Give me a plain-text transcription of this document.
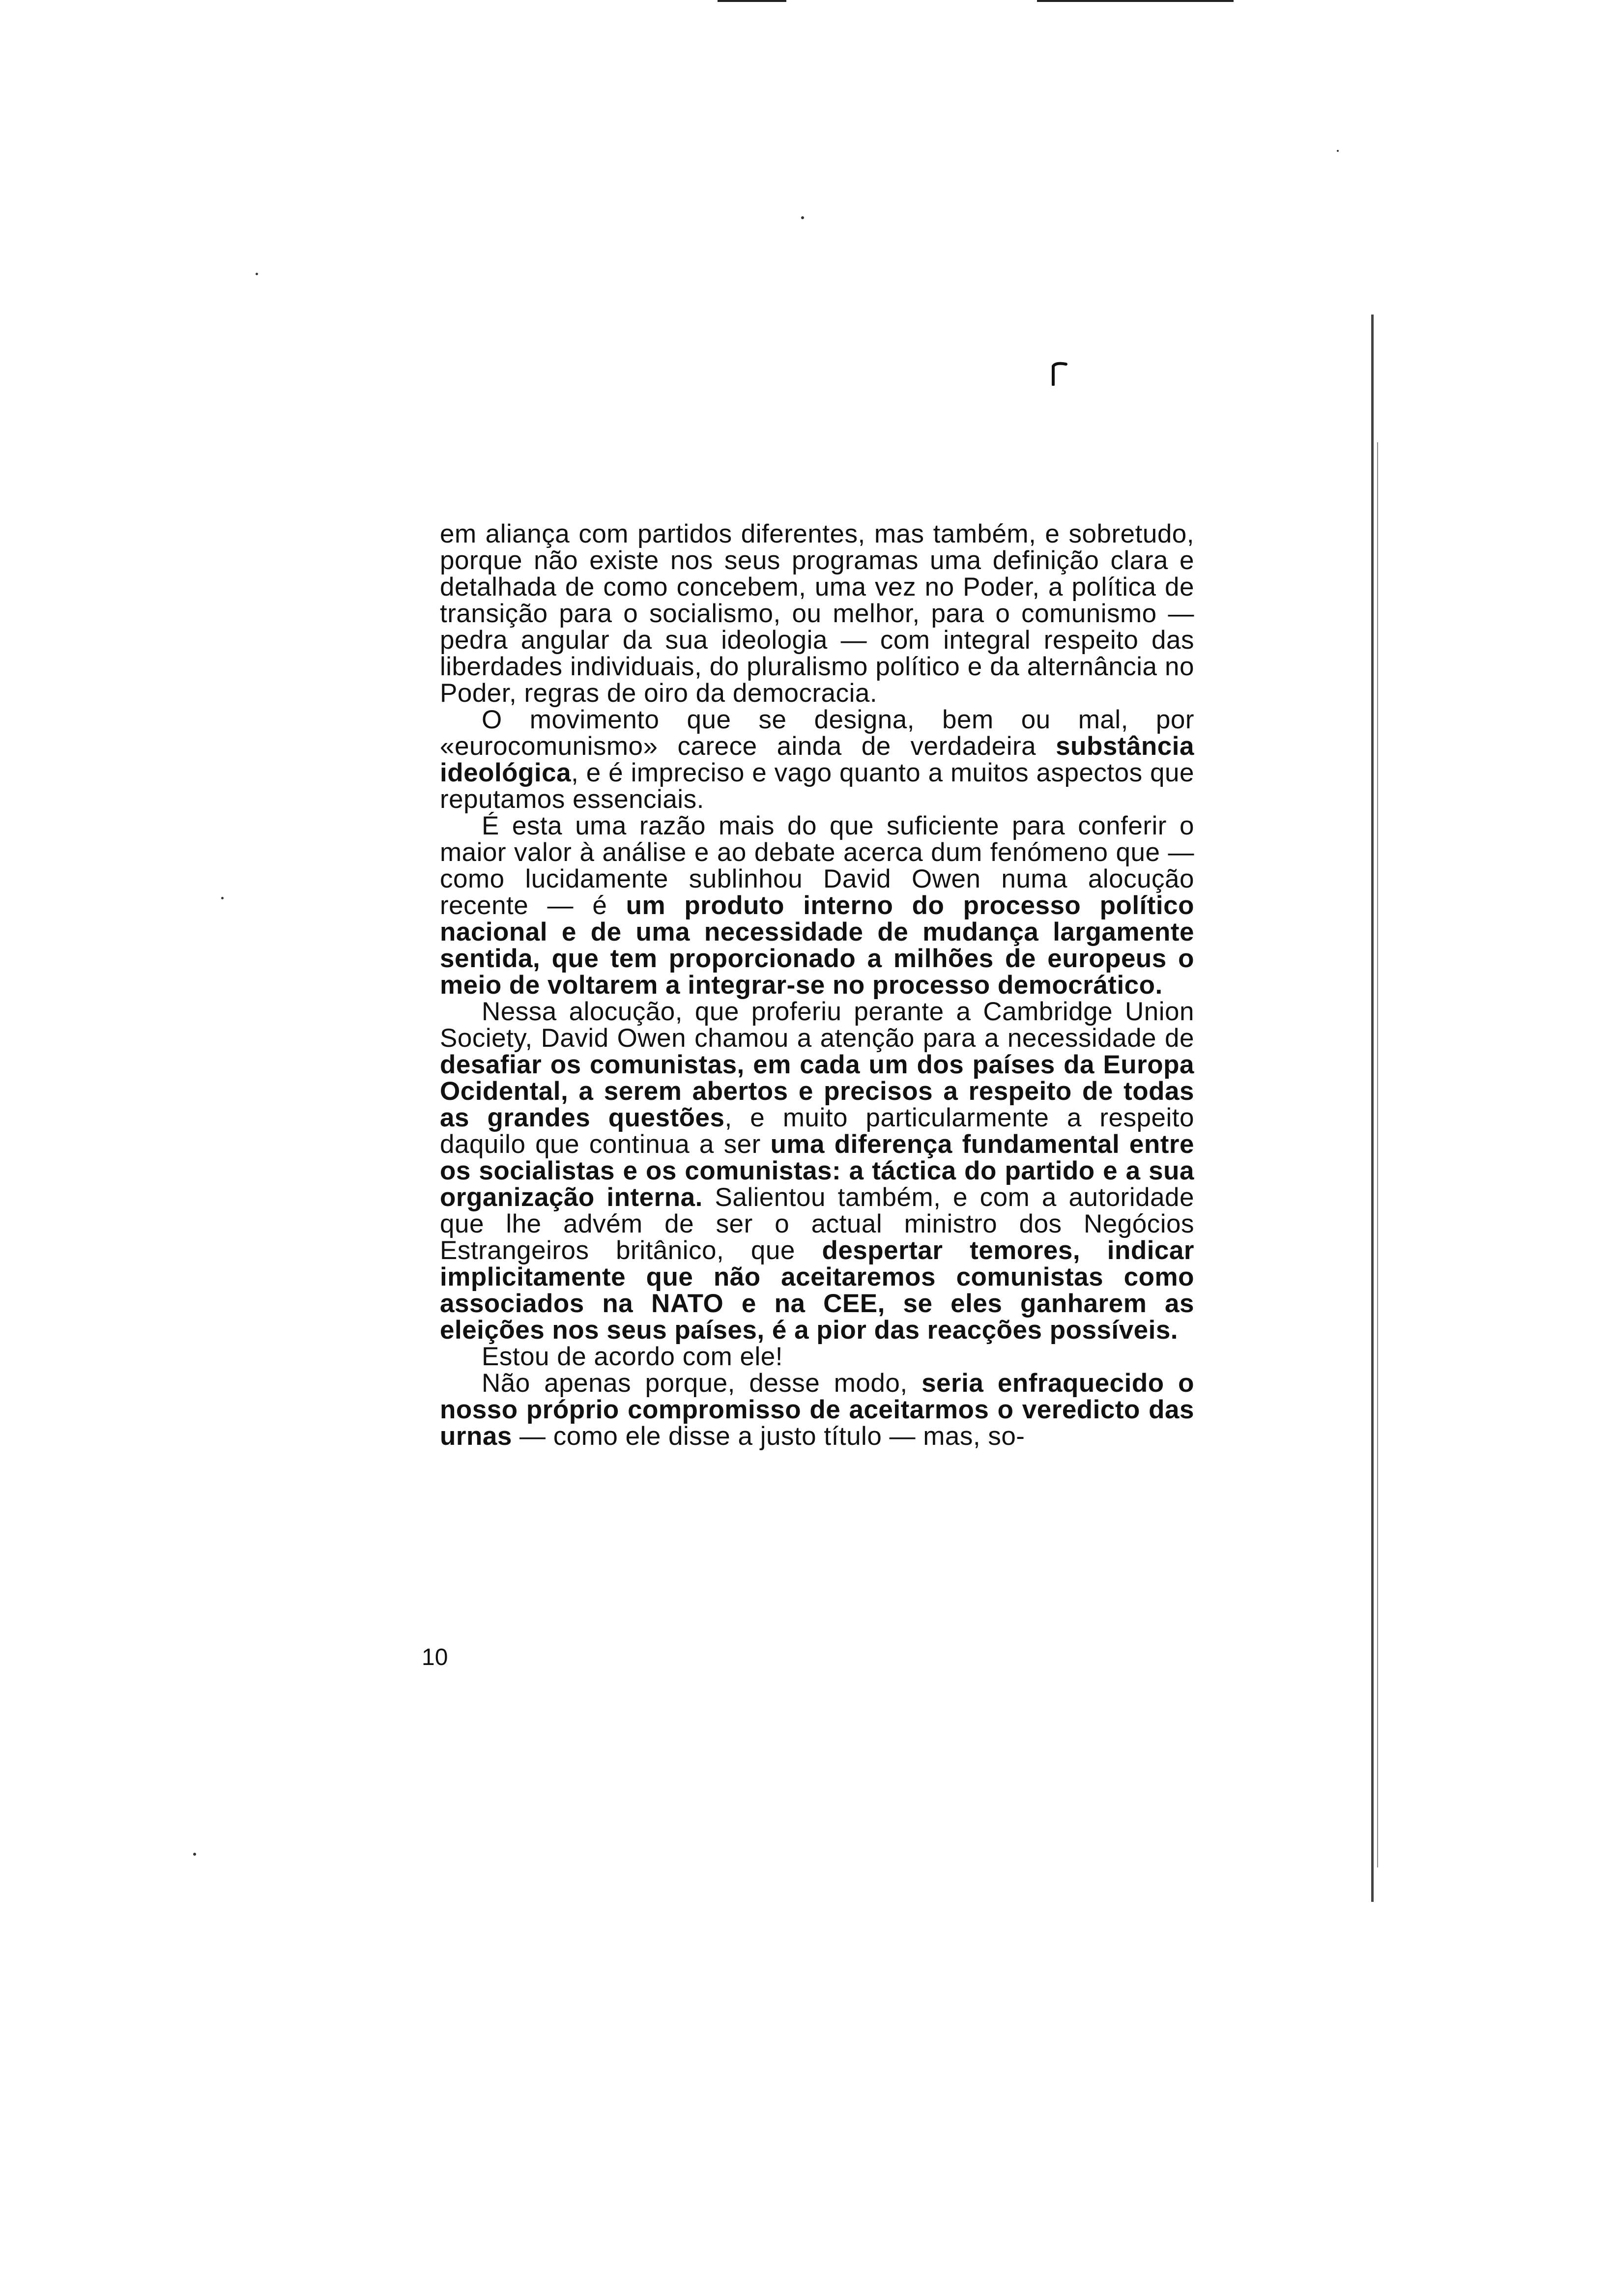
em aliança com partidos diferentes, mas também, e sobretudo, porque não existe nos seus programas uma definição clara e detalhada de como concebem, uma vez no Poder, a política de transição para o socialismo, ou melhor, para o comunismo — pedra angular da sua ideologia — com integral respeito das liberdades individuais, do pluralismo político e da alternância no Poder, regras de oiro da democracia.

O movimento que se designa, bem ou mal, por «eurocomunismo» carece ainda de verdadeira substância ideológica, e é impreciso e vago quanto a muitos aspectos que reputamos essenciais.

É esta uma razão mais do que suficiente para conferir o maior valor à análise e ao debate acerca dum fenómeno que — como lucidamente sublinhou David Owen numa alocução recente — é um produto interno do processo político nacional e de uma necessidade de mudança largamente sentida, que tem proporcionado a milhões de europeus o meio de voltarem a integrar-se no processo democrático.

Nessa alocução, que proferiu perante a Cambridge Union Society, David Owen chamou a atenção para a necessidade de desafiar os comunistas, em cada um dos países da Europa Ocidental, a serem abertos e precisos a respeito de todas as grandes questões, e muito particularmente a respeito daquilo que continua a ser uma diferença fundamental entre os socialistas e os comunistas: a táctica do partido e a sua organização interna. Salientou também, e com a autoridade que lhe advém de ser o actual ministro dos Negócios Estrangeiros britânico, que despertar temores, indicar implicitamente que não aceitaremos comunistas como associados na NATO e na CEE, se eles ganharem as eleições nos seus países, é a pior das reacções possíveis.

Estou de acordo com ele!

Não apenas porque, desse modo, seria enfraquecido o nosso próprio compromisso de aceitarmos o veredicto das urnas — como ele disse a justo título — mas, so-

10
